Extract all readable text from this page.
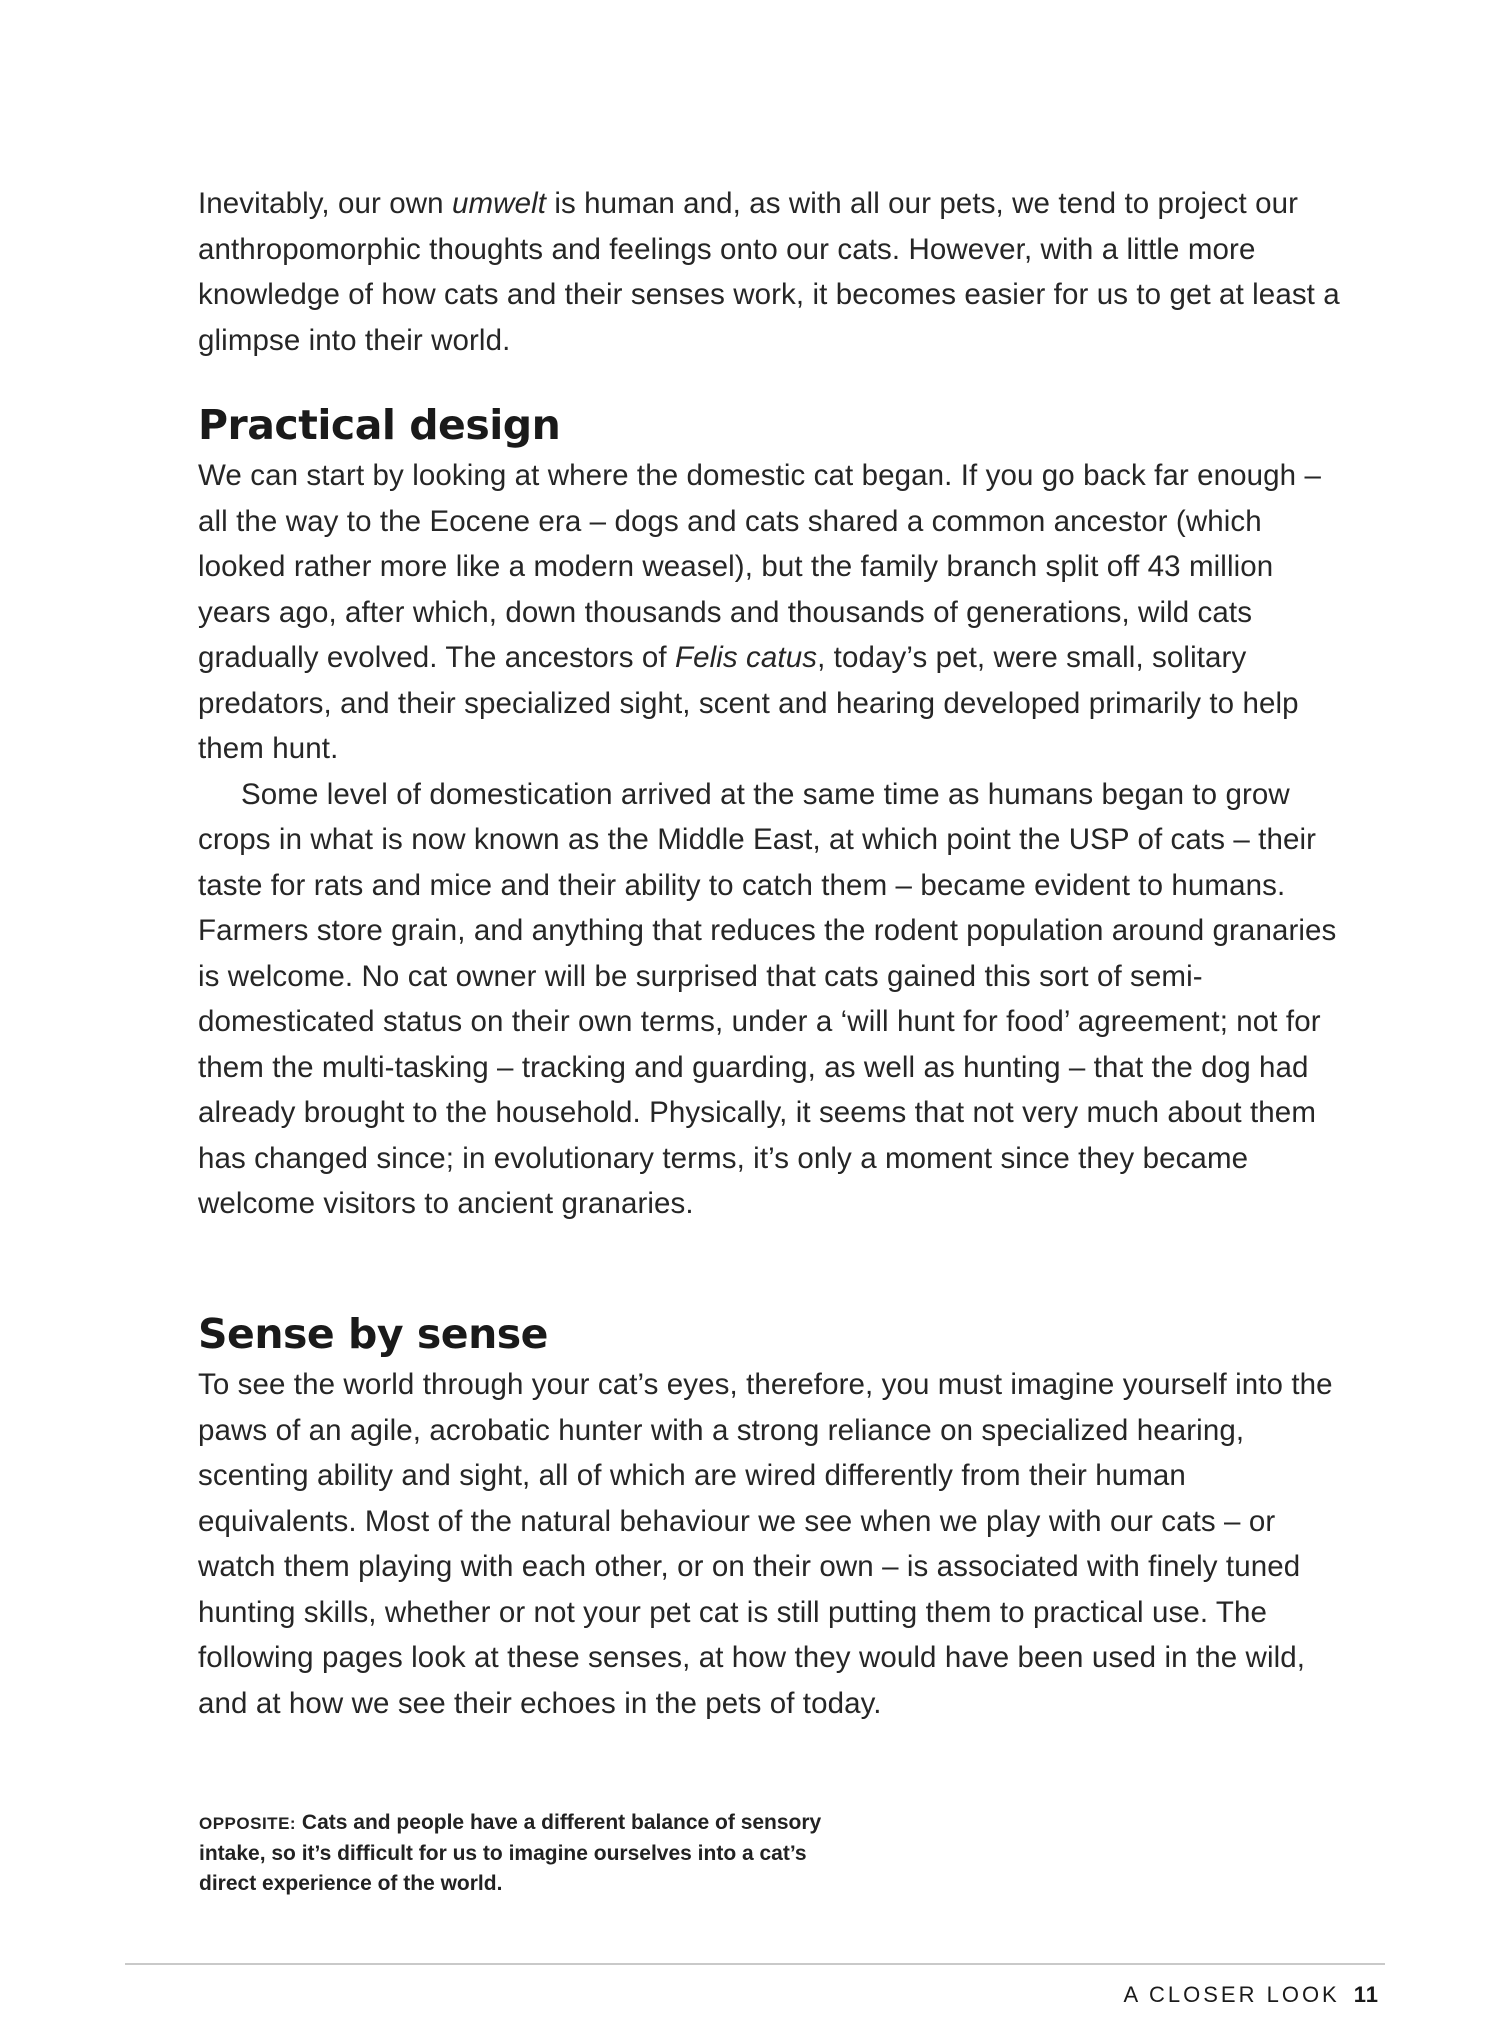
Inevitably, our own umwelt is human and, as with all our pets, we tend to project our anthropomorphic thoughts and feelings onto our cats. However, with a little more knowledge of how cats and their senses work, it becomes easier for us to get at least a glimpse into their world.

Practical design

We can start by looking at where the domestic cat began. If you go back far enough – all the way to the Eocene era – dogs and cats shared a common ancestor (which looked rather more like a modern weasel), but the family branch split off 43 million years ago, after which, down thousands and thousands of generations, wild cats gradually evolved. The ancestors of Felis catus, today’s pet, were small, solitary predators, and their specialized sight, scent and hearing developed primarily to help them hunt.

Some level of domestication arrived at the same time as humans began to grow crops in what is now known as the Middle East, at which point the USP of cats – their taste for rats and mice and their ability to catch them – became evident to humans. Farmers store grain, and anything that reduces the rodent population around granaries is welcome. No cat owner will be surprised that cats gained this sort of semi-domesticated status on their own terms, under a ‘will hunt for food’ agreement; not for them the multi-tasking – tracking and guarding, as well as hunting – that the dog had already brought to the household. Physically, it seems that not very much about them has changed since; in evolutionary terms, it’s only a moment since they became welcome visitors to ancient granaries.

Sense by sense

To see the world through your cat’s eyes, therefore, you must imagine yourself into the paws of an agile, acrobatic hunter with a strong reliance on specialized hearing, scenting ability and sight, all of which are wired differently from their human equivalents. Most of the natural behaviour we see when we play with our cats – or watch them playing with each other, or on their own – is associated with finely tuned hunting skills, whether or not your pet cat is still putting them to practical use. The following pages look at these senses, at how they would have been used in the wild, and at how we see their echoes in the pets of today.

OPPOSITE: Cats and people have a different balance of sensory intake, so it’s difficult for us to imagine ourselves into a cat’s direct experience of the world.
A CLOSER LOOK 11
